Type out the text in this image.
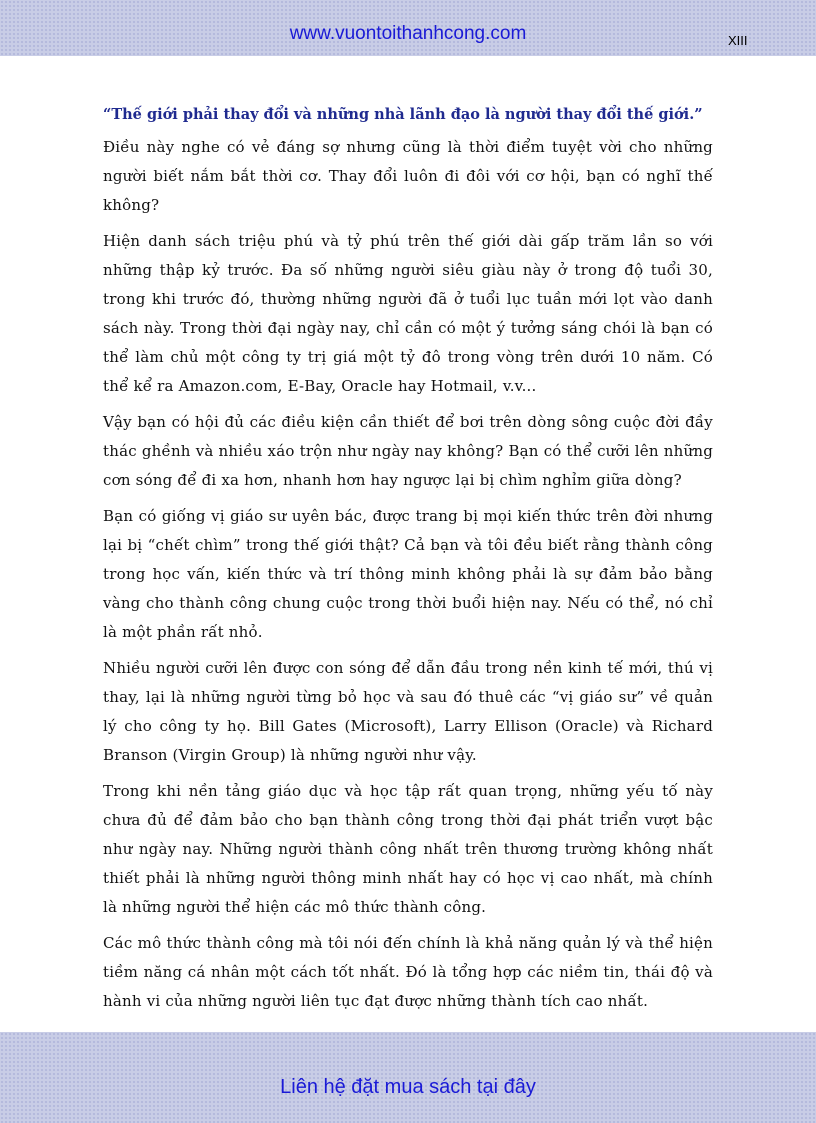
www.vuontoithanhcong.com	XIII
“Thế giới phải thay đổi và những nhà lãnh đạo là người thay đổi thế giới.”

Điều này nghe có vẻ đáng sợ nhưng cũng là thời điểm tuyệt vời cho những người biết nắm bắt thời cơ. Thay đổi luôn đi đôi với cơ hội, bạn có nghĩ thế không?

Hiện danh sách triệu phú và tỷ phú trên thế giới dài gấp trăm lần so với những thập kỷ trước. Đa số những người siêu giàu này ở trong độ tuổi 30, trong khi trước đó, thường những người đã ở tuổi lục tuần mới lọt vào danh sách này. Trong thời đại ngày nay, chỉ cần có một ý tưởng sáng chói là bạn có thể làm chủ một công ty trị giá một tỷ đô trong vòng trên dưới 10 năm. Có thể kể ra Amazon.com, E-Bay, Oracle hay Hotmail, v.v...

Vậy bạn có hội đủ các điều kiện cần thiết để bơi trên dòng sông cuộc đời đầy thác ghềnh và nhiều xáo trộn như ngày nay không? Bạn có thể cưỡi lên những cơn sóng để đi xa hơn, nhanh hơn hay ngược lại bị chìm nghỉm giữa dòng?

Bạn có giống vị giáo sư uyên bác, được trang bị mọi kiến thức trên đời nhưng lại bị “chết chìm” trong thế giới thật? Cả bạn và tôi đều biết rằng thành công trong học vấn, kiến thức và trí thông minh không phải là sự đảm bảo bằng vàng cho thành công chung cuộc trong thời buổi hiện nay. Nếu có thể, nó chỉ là một phần rất nhỏ.

Nhiều người cưỡi lên được con sóng để dẫn đầu trong nền kinh tế mới, thú vị thay, lại là những người từng bỏ học và sau đó thuê các “vị giáo sư” về quản lý cho công ty họ. Bill Gates (Microsoft), Larry Ellison (Oracle) và Richard Branson (Virgin Group) là những người như vậy.

Trong khi nền tảng giáo dục và học tập rất quan trọng, những yếu tố này chưa đủ để đảm bảo cho bạn thành công trong thời đại phát triển vượt bậc như ngày nay. Những người thành công nhất trên thương trường không nhất thiết phải là những người thông minh nhất hay có học vị cao nhất, mà chính là những người thể hiện các mô thức thành công.

Các mô thức thành công mà tôi nói đến chính là khả năng quản lý và thể hiện tiềm năng cá nhân một cách tốt nhất. Đó là tổng hợp các niềm tin, thái độ và hành vi của những người liên tục đạt được những thành tích cao nhất.

Liên hệ đặt mua sách tại đây
